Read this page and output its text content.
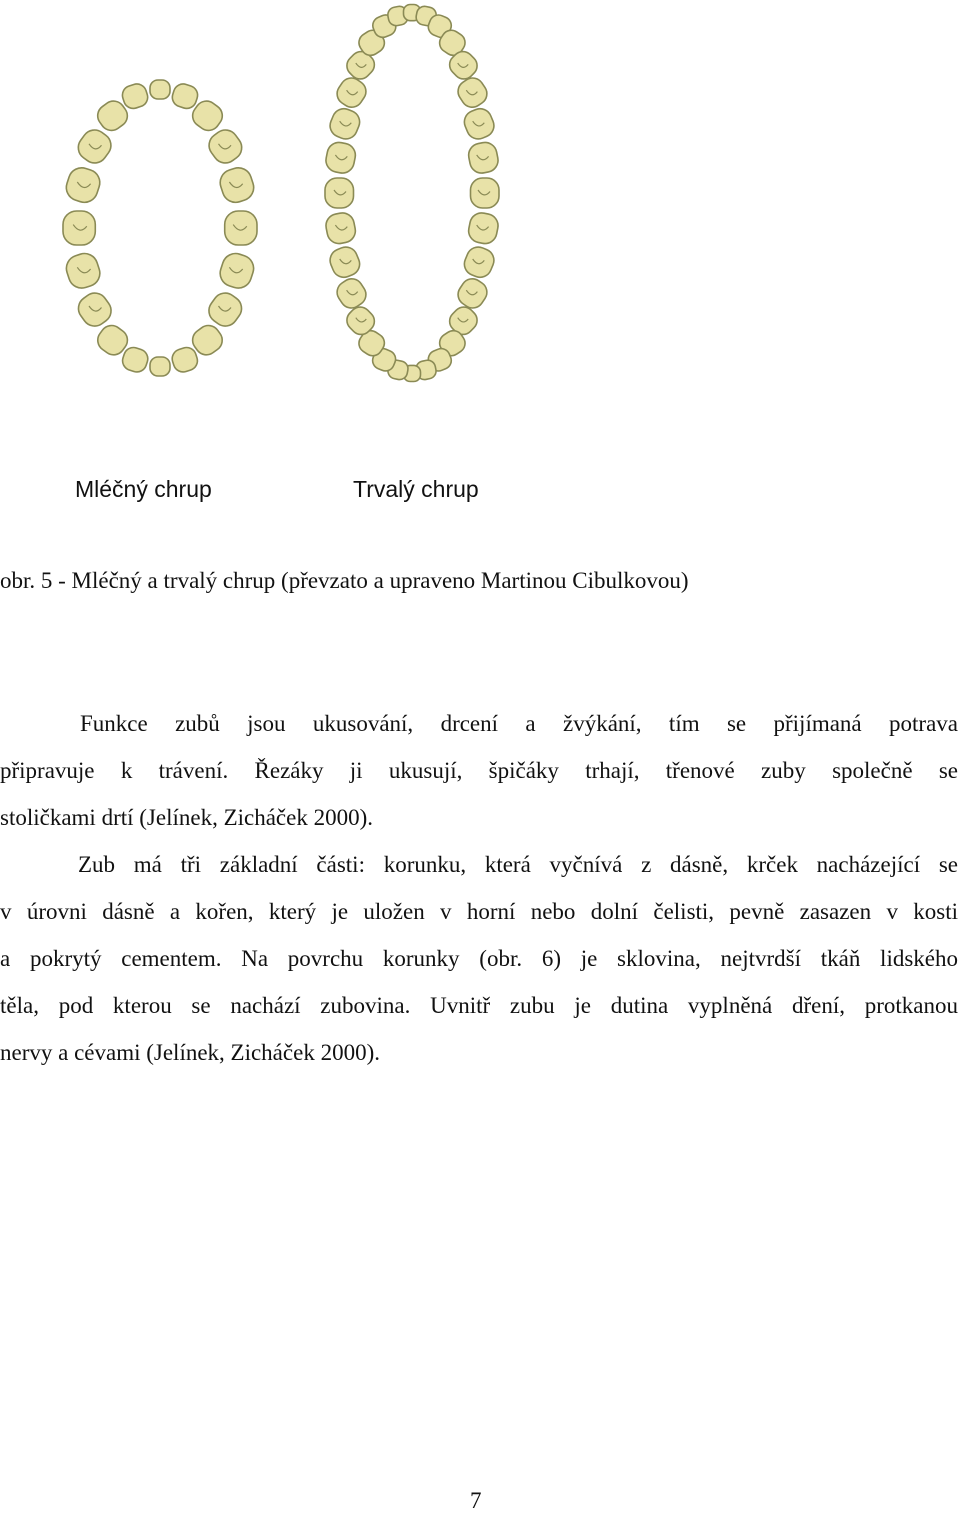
Mléčný chrup	Trvalý chrup
obr. 5 - Mléčný a trvalý chrup (převzato a upraveno Martinou Cibulkovou)
Funkce zubů jsou ukusování, drcení a žvýkání, tím se přijímaná potrava
připravuje k trávení. Řezáky ji ukusují, špičáky trhají, třenové zuby společně se
stoličkami drtí (Jelínek, Zicháček 2000).
Zub má tři základní části: korunku, která vyčnívá z dásně, krček nacházející se
v úrovni dásně a kořen, který je uložen v horní nebo dolní čelisti, pevně zasazen v kosti
a pokrytý cementem. Na povrchu korunky (obr. 6) je sklovina, nejtvrdší tkáň lidského
těla, pod kterou se nachází zubovina. Uvnitř zubu je dutina vyplněná dření, protkanou
nervy a cévami (Jelínek, Zicháček 2000).
7
